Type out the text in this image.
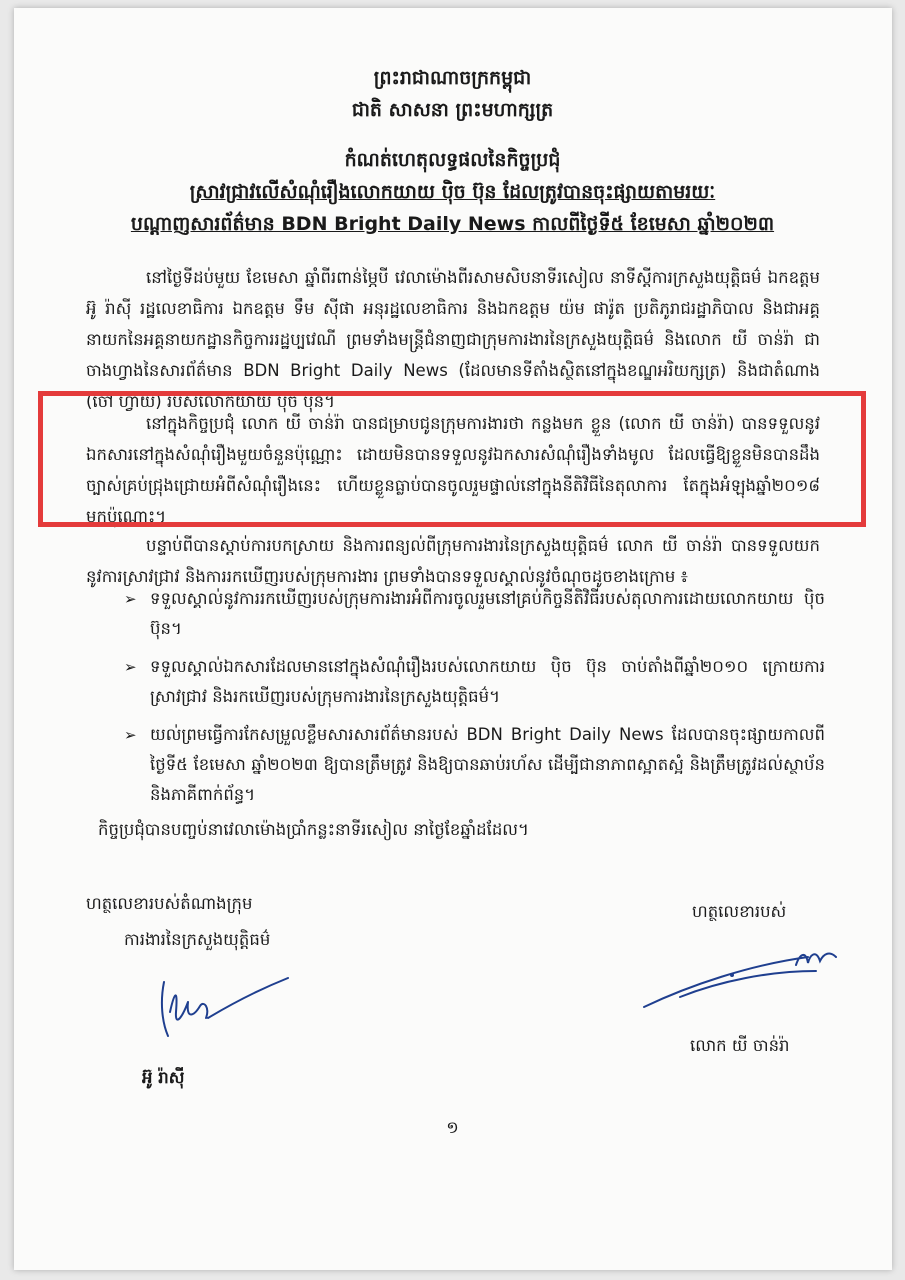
ព្រះរាជាណាចក្រកម្ពុជា
ជាតិ សាសនា ព្រះមហាក្សត្រ
កំណត់ហេតុលទ្ធផលនៃកិច្ចប្រជុំ
ស្រាវជ្រាវលើសំណុំរឿងលោកយាយ ប៉ិច ប៊ុន ដែលត្រូវបានចុះផ្សាយតាមរយៈ
បណ្ដាញសារព័ត៌មាន BDN Bright Daily News កាលពីថ្ងៃទី៥ ខែមេសា ឆ្នាំ២០២៣

នៅថ្ងៃទីដប់មួយ ខែមេសា ឆ្នាំពីរពាន់ម្ភៃបី វេលាម៉ោងពីរសាមសិបនាទីរសៀល នាទីស្ដីការក្រសួងយុត្តិធម៌ ឯកឧត្តម អ៊ូ រ៉ាស៊ី រដ្ឋលេខាធិការ ឯកឧត្តម ទឹម ស៊ីផា អនុរដ្ឋលេខាធិការ និងឯកឧត្តម យ៉ម ផារ៉ូត ប្រតិភូរាជរដ្ឋាភិបាល និងជាអគ្គនាយកនៃអគ្គនាយកដ្ឋានកិច្ចការរដ្ឋប្បវេណី ព្រមទាំងមន្ត្រីជំនាញជាក្រុមការងារនៃក្រសួងយុត្តិធម៌ និងលោក យី ចាន់រ៉ា ជាចាងហ្វាងនៃសារព័ត៌មាន BDN Bright Daily News (ដែលមានទីតាំងស្ថិតនៅក្នុងខណ្ឌអរិយក្សត្រ) និងជាតំណាង (ចៅ ហ្វាយ) របស់លោកយាយ ប៉ិច ប៊ុន។

នៅក្នុងកិច្ចប្រជុំ លោក យី ចាន់រ៉ា បានជម្រាបជូនក្រុមការងារថា កន្លងមក ខ្លួន (លោក យី ចាន់រ៉ា) បានទទួលនូវឯកសារនៅក្នុងសំណុំរឿងមួយចំនួនប៉ុណ្ណោះ ដោយមិនបានទទួលនូវឯកសារសំណុំរឿងទាំងមូល ដែលធ្វើឱ្យខ្លួនមិនបានដឹងច្បាស់គ្រប់ជ្រុងជ្រោយអំពីសំណុំរឿងនេះ ហើយខ្លួនធ្លាប់បានចូលរួមផ្ទាល់នៅក្នុងនីតិវិធីនៃតុលាការ តែក្នុងអំឡុងឆ្នាំ២០១៨ មកប៉ុណ្ណោះ។

បន្ទាប់ពីបានស្ដាប់ការបកស្រាយ និងការពន្យល់ពីក្រុមការងារនៃក្រសួងយុត្តិធម៌ លោក យី ចាន់រ៉ា បានទទួលយកនូវការស្រាវជ្រាវ និងការរកឃើញរបស់ក្រុមការងារ ព្រមទាំងបានទទួលស្គាល់នូវចំណុចដូចខាងក្រោម ៖

➢ ទទួលស្គាល់នូវការរកឃើញរបស់ក្រុមការងារអំពីការចូលរួមនៅគ្រប់កិច្ចនីតិវិធីរបស់តុលាការដោយលោកយាយ ប៉ិច ប៊ុន។
➢ ទទួលស្គាល់ឯកសារដែលមាននៅក្នុងសំណុំរឿងរបស់លោកយាយ ប៉ិច ប៊ុន ចាប់តាំងពីឆ្នាំ២០១០ ក្រោយការស្រាវជ្រាវ និងរកឃើញរបស់ក្រុមការងារនៃក្រសួងយុត្តិធម៌។
➢ យល់ព្រមធ្វើការកែសម្រួលខ្លឹមសារសារព័ត៌មានរបស់ BDN Bright Daily News ដែលបានចុះផ្សាយកាលពីថ្ងៃទី៥ ខែមេសា ឆ្នាំ២០២៣ ឱ្យបានត្រឹមត្រូវ និងឱ្យបានឆាប់រហ័ស ដើម្បីជានាភាពស្អាតស្អំ និងត្រឹមត្រូវដល់ស្ថាប័ន និងភាគីពាក់ព័ន្ធ។
កិច្ចប្រជុំបានបញ្ចប់នាវេលាម៉ោងប្រាំកន្លះនាទីរសៀល នាថ្ងៃខែឆ្នាំដដែល។
ហត្ថលេខារបស់តំណាងក្រុម
ការងារនៃក្រសួងយុត្តិធម៌
ហត្ថលេខារបស់
អ៊ូ រ៉ាស៊ី
លោក យី ចាន់រ៉ា
១
